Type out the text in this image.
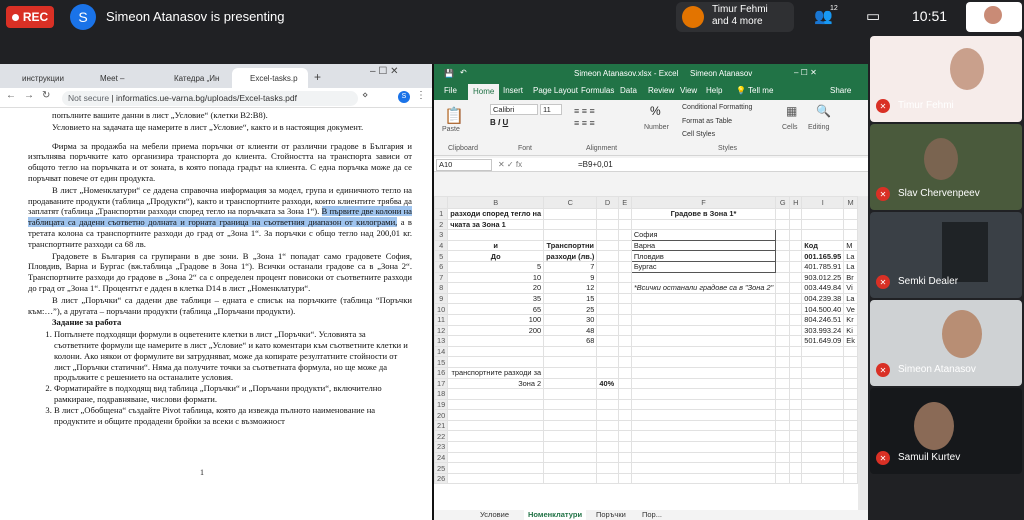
REC	S	Simeon Atanasov is presenting	Timur Fehmi
and 4 more	👥
12 ▭ 10:51
You
инструкции	Meet –	Катедра „Ин	Excel-tasks.p +	– ☐ ✕
← → ↻	Not secure | informatics.ue-varna.bg/uploads/Excel-tasks.pdf	⋄	S ⋮

попълните вашите данни в лист „Условие“ (клетки B2:B8).

Условието на задачата ще намерите в лист „Условие“, както и в настоящия документ.

Фирма за продажба на мебели приема поръчки от клиенти от различни градове в България и изпълнява поръчките като организира транспорта до клиента. Стойността на транспорта зависи от общото тегло на поръчката и от зоната, в която попада градът на клиента. С една поръчка може да се поръчват повече от един продукта.

В лист „Номенклатури“ се дадена справочна информация за модел, група и единичното тегло на продаваните продукти (таблица „Продукти“), както и транспортните разходи, които клиентите трябва да заплатят (таблица „Транспортни разходи според тегло на поръчката за Зона 1“). В първите две колони на таблицата са дадени съответно долната и горната граница на съответния диапазон от килограми, а в третата колона са транспортните разходи до град от „Зона 1“. За поръчки с общо тегло над 200,01 кг. транспортните разходи са 68 лв.

Градовете в България са групирани в две зони. В „Зона 1“ попадат само градовете София, Пловдив, Варна и Бургас (вж.таблица „Градове в Зона 1“). Всички останали градове са в „Зона 2“. Транспортните разходи до градове в „Зона 2“ са с определен процент повисоки от съответните разходи до град от „Зона 1“. Процентът е даден в клетка D14 в лист „Номенклатури“.

В лист „Поръчки“ са дадени две таблици – едната е списък на поръчките (таблица “Поръчки към:…”), а другата – поръчани продукти (таблица „Поръчани продукти).

Задание за работа

1. Попълнете подходящи формули в оцветените клетки в лист „Поръчки“. Условията за съответните формули ще намерите в лист „Условие“ и като коментари към съответните клетки и колони. Ако някои от формулите ви затрудняват, може да копирате резултатните стойности от лист „Поръчки статични“. Няма да получите точки за съответната формула, но ще може да продължите с решението на останалите условия.
2. Форматирайте в подходящ вид таблица „Поръчки“ и „Поръчани продукти“, включително рамкиране, подравняване, числови формати.
3. В лист „Обобщена“ създайте Pivot таблица, която да извежда пълното наименование на продуктите и общите продадени бройки за всеки с възможност
1
💾 ↶	Simeon Atanasov.xlsx - Excel Simeon Atanasov	– ☐ ✕
File	Home	Insert Page Layout Formulas Data Review View Help 💡 Tell me	Share
📋
Paste
Calibri	11
B I U
≡ ≡ ≡
≡ ≡ ≡
%
Number
Conditional Formatting
Format as Table
Cell Styles
▦
Cells
🔍
Editing
Clipboard	Font	Alignment	Styles
A10	✕ ✓ fx	=B9+0,01
	B	C	D	E	F	G	H	I	M
1	разходи според тегло на				Градове в Зона 1*				
2	чката за Зона 1								
3					София				
4	и	Транспортни			Варна			Код	M
5	До	разходи (лв.)			Пловдив			001.165.95	La
6	5	7			Бургас			401.785.91	La
7	10	9						903.012.25	Br
8	20	12			*Всички останали градове са в "Зона 2"			003.449.84	Vi
9	35	15						004.239.38	La
10	65	25						104.500.40	Ve
11	100	30						804.246.51	Kr
12	200	48						303.993.24	Ki
13		68						501.649.09	Ek
14									
15									
16	транспортните разходи за								
17	Зона 2		40%						
18									
19									
20									
21									
22									
23									
24									
25									
26									
Условие	Номенклатури	Поръчки Пор...
✕	Timur Fehmi
✕	Slav Chervenpeev
✕	Semki Dealer
✕	Simeon Atanasov
✕	Samuil Kurtev
